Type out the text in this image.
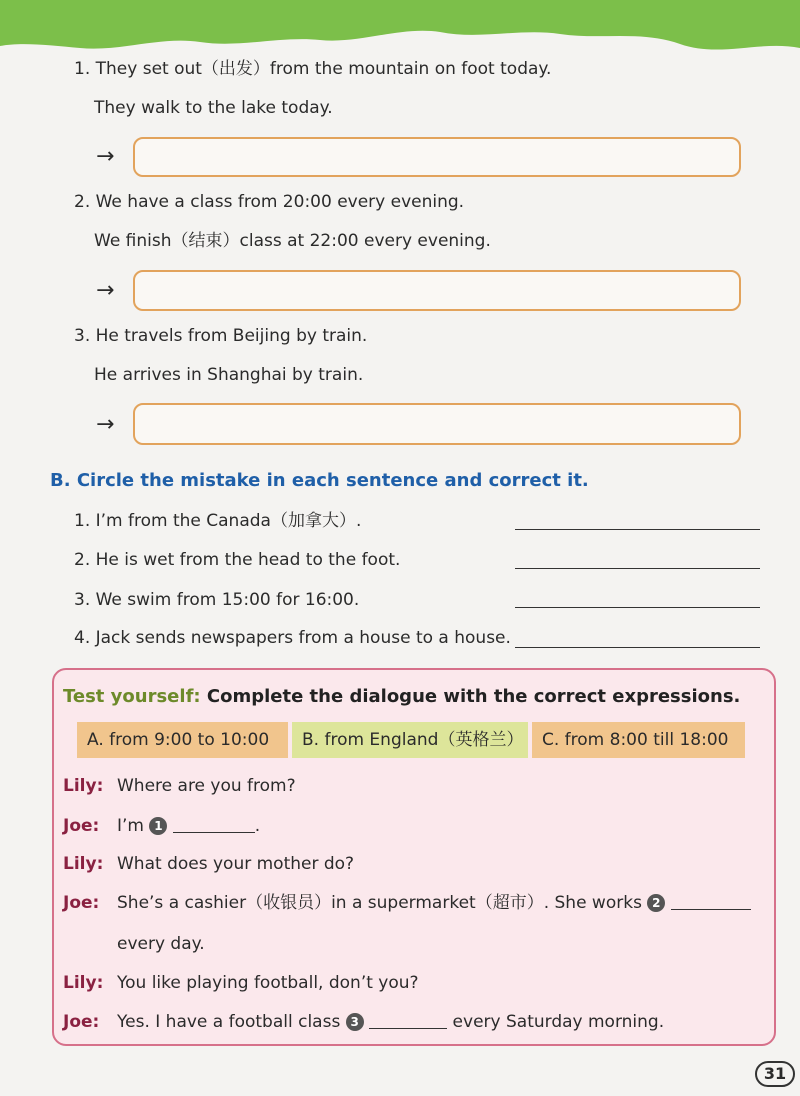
1. They set out（出发）from the mountain on foot today.
They walk to the lake today.
→
2. We have a class from 20:00 every evening.
We finish（结束）class at 22:00 every evening.
→
3. He travels from Beijing by train.
He arrives in Shanghai by train.
→
B. Circle the mistake in each sentence and correct it.
1. I’m from the Canada（加拿大）.
2. He is wet from the head to the foot.
3. We swim from 15:00 for 16:00.
4. Jack sends newspapers from a house to a house.
Test yourself: Complete the dialogue with the correct expressions.
A. from 9:00 to 10:00	B. from England（英格兰）	C. from 8:00 till 18:00
Lily: Where are you from?
Joe: I’m 1	.
Lily: What does your mother do?
Joe: She’s a cashier（收银员）in a supermarket（超市）. She works 2
every day.
Lily: You like playing football, don’t you?
Joe: Yes. I have a football class 3	every Saturday morning.
31
